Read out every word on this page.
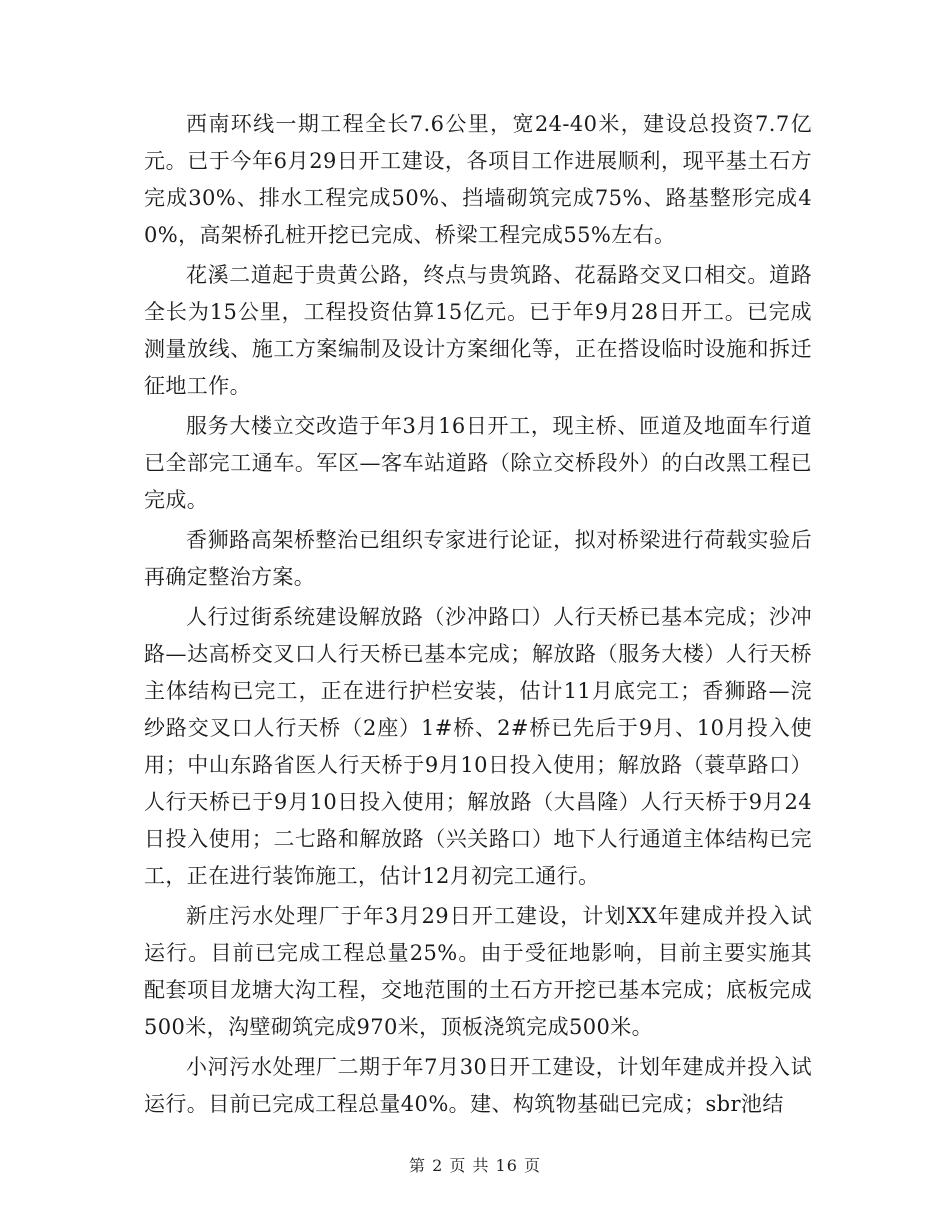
西南环线一期工程全长7.6公里，宽24-40米，建设总投资7.7亿元。已于今年6月29日开工建设，各项目工作进展顺利，现平基土石方完成30%、排水工程完成50%、挡墙砌筑完成75%、路基整形完成40%，高架桥孔桩开挖已完成、桥梁工程完成55%左右。

花溪二道起于贵黄公路，终点与贵筑路、花磊路交叉口相交。道路全长为15公里，工程投资估算15亿元。已于年9月28日开工。已完成测量放线、施工方案编制及设计方案细化等，正在搭设临时设施和拆迁征地工作。

服务大楼立交改造于年3月16日开工，现主桥、匝道及地面车行道已全部完工通车。军区—客车站道路（除立交桥段外）的白改黑工程已完成。

香狮路高架桥整治已组织专家进行论证，拟对桥梁进行荷载实验后再确定整治方案。

人行过街系统建设解放路（沙冲路口）人行天桥已基本完成；沙冲路—达高桥交叉口人行天桥已基本完成；解放路（服务大楼）人行天桥主体结构已完工，正在进行护栏安装，估计11月底完工；香狮路—浣纱路交叉口人行天桥（2座）1#桥、2#桥已先后于9月、10月投入使用；中山东路省医人行天桥于9月10日投入使用；解放路（蓑草路口）人行天桥已于9月10日投入使用；解放路（大昌隆）人行天桥于9月24日投入使用；二七路和解放路（兴关路口）地下人行通道主体结构已完工，正在进行装饰施工，估计12月初完工通行。

新庄污水处理厂于年3月29日开工建设，计划XX年建成并投入试运行。目前已完成工程总量25%。由于受征地影响，目前主要实施其配套项目龙塘大沟工程，交地范围的土石方开挖已基本完成；底板完成500米，沟壁砌筑完成970米，顶板浇筑完成500米。

小河污水处理厂二期于年7月30日开工建设，计划年建成并投入试运行。目前已完成工程总量40%。建、构筑物基础已完成；sbr池结

第 2 页 共 16 页
